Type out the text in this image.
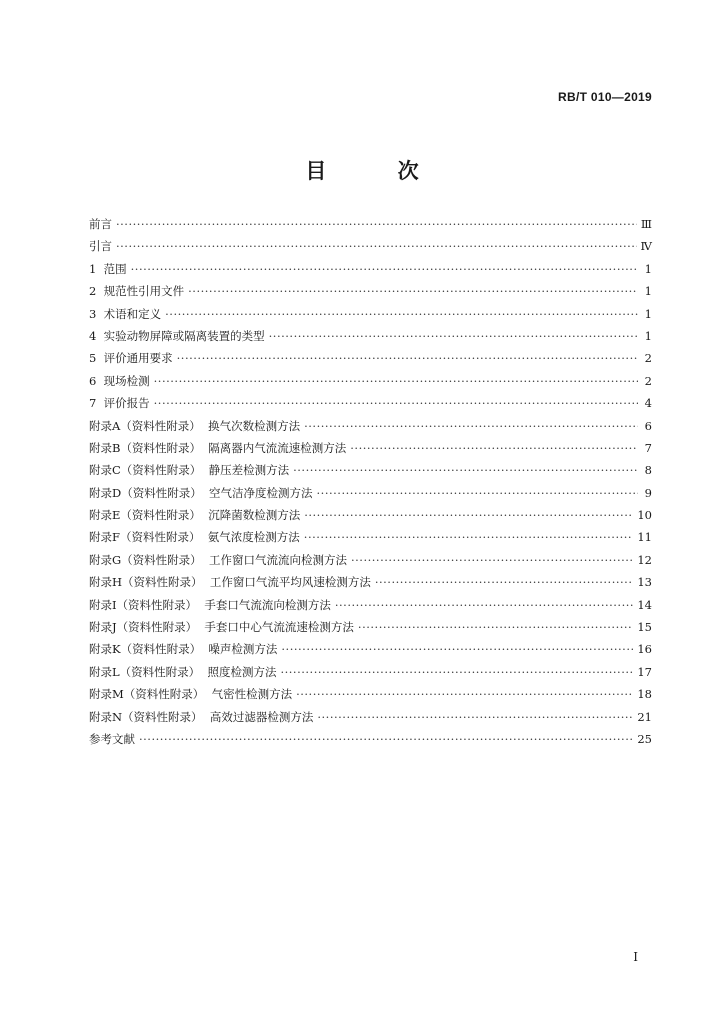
RB/T 010—2019
目 次
前言 ·····	Ⅲ
引言 ·····	Ⅳ
1  范围 ·····	1
2  规范性引用文件 ·····	1
3  术语和定义 ·····	1
4  实验动物屏障或隔离装置的类型 ·····	1
5  评价通用要求 ·····	2
6  现场检测 ·····	2
7  评价报告 ·····	4
附录A（资料性附录）  换气次数检测方法 ·····	6
附录B（资料性附录）  隔离器内气流流速检测方法 ·····	7
附录C（资料性附录）  静压差检测方法 ·····	8
附录D（资料性附录）  空气洁净度检测方法 ·····	9
附录E（资料性附录）  沉降菌数检测方法 ·····	10
附录F（资料性附录）  氨气浓度检测方法 ·····	11
附录G（资料性附录）  工作窗口气流流向检测方法 ·····	12
附录H（资料性附录）  工作窗口气流平均风速检测方法 ·····	13
附录I（资料性附录）  手套口气流流向检测方法 ·····	14
附录J（资料性附录）  手套口中心气流流速检测方法 ·····	15
附录K（资料性附录）  噪声检测方法 ·····	16
附录L（资料性附录）  照度检测方法 ·····	17
附录M（资料性附录）  气密性检测方法 ·····	18
附录N（资料性附录）  高效过滤器检测方法 ·····	21
参考文献 ·····	25
I
